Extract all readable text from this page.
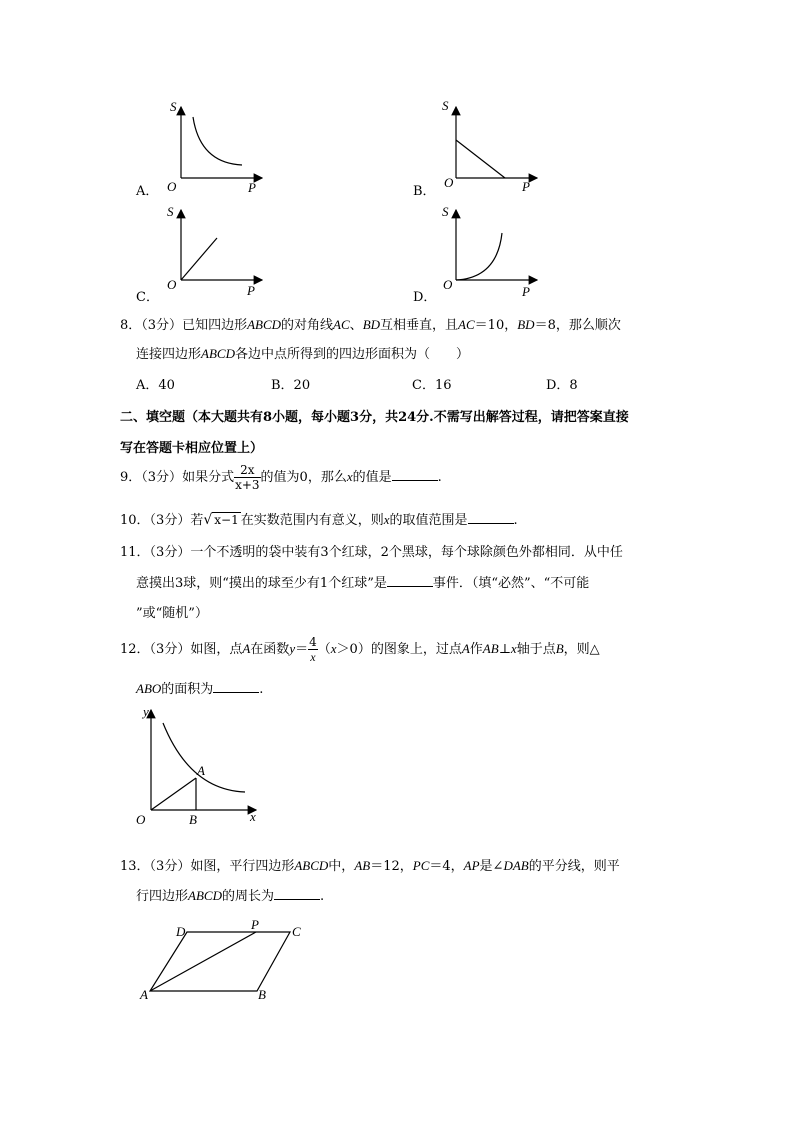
A．
S
O	P	B．
S
O	P
C．
S
O	P	D．
S
O	P
8．（3分）已知四边形ABCD的对角线AC、BD互相垂直，且AC＝10，BD＝8，那么顺次
连接四边形ABCD各边中点所得到的四边形面积为（　　）
A．40	B．20	C．16	D．8
二、填空题（本大题共有8小题，每小题3分，共24分.不需写出解答过程，请把答案直接
写在答题卡相应位置上）
9．（3分）如果分式 $\frac{2x}{x+3}$ 的值为0，那么x的值是	.
10．（3分）若√ x−1 在实数范围内有意义，则x的取值范围是	.
11．（3分）一个不透明的袋中装有3个红球，2个黑球，每个球除颜色外都相同．从中任
意摸出3球，则“摸出的球至少有1个红球”是	事件．（填“必然”、“不可能
”或“随机”）
12．（3分）如图，点A在函数$y= \frac{4}{x} (x>0)$的图象上，过点A作AB⊥x轴于点B，则△
ABO的面积为	.
y
x
O
A
B
13．（3分）如图，平行四边形ABCD中，AB＝12，PC＝4，AP是∠DAB的平分线，则平
行四边形ABCD的周长为	.
D	P	C
A	B
